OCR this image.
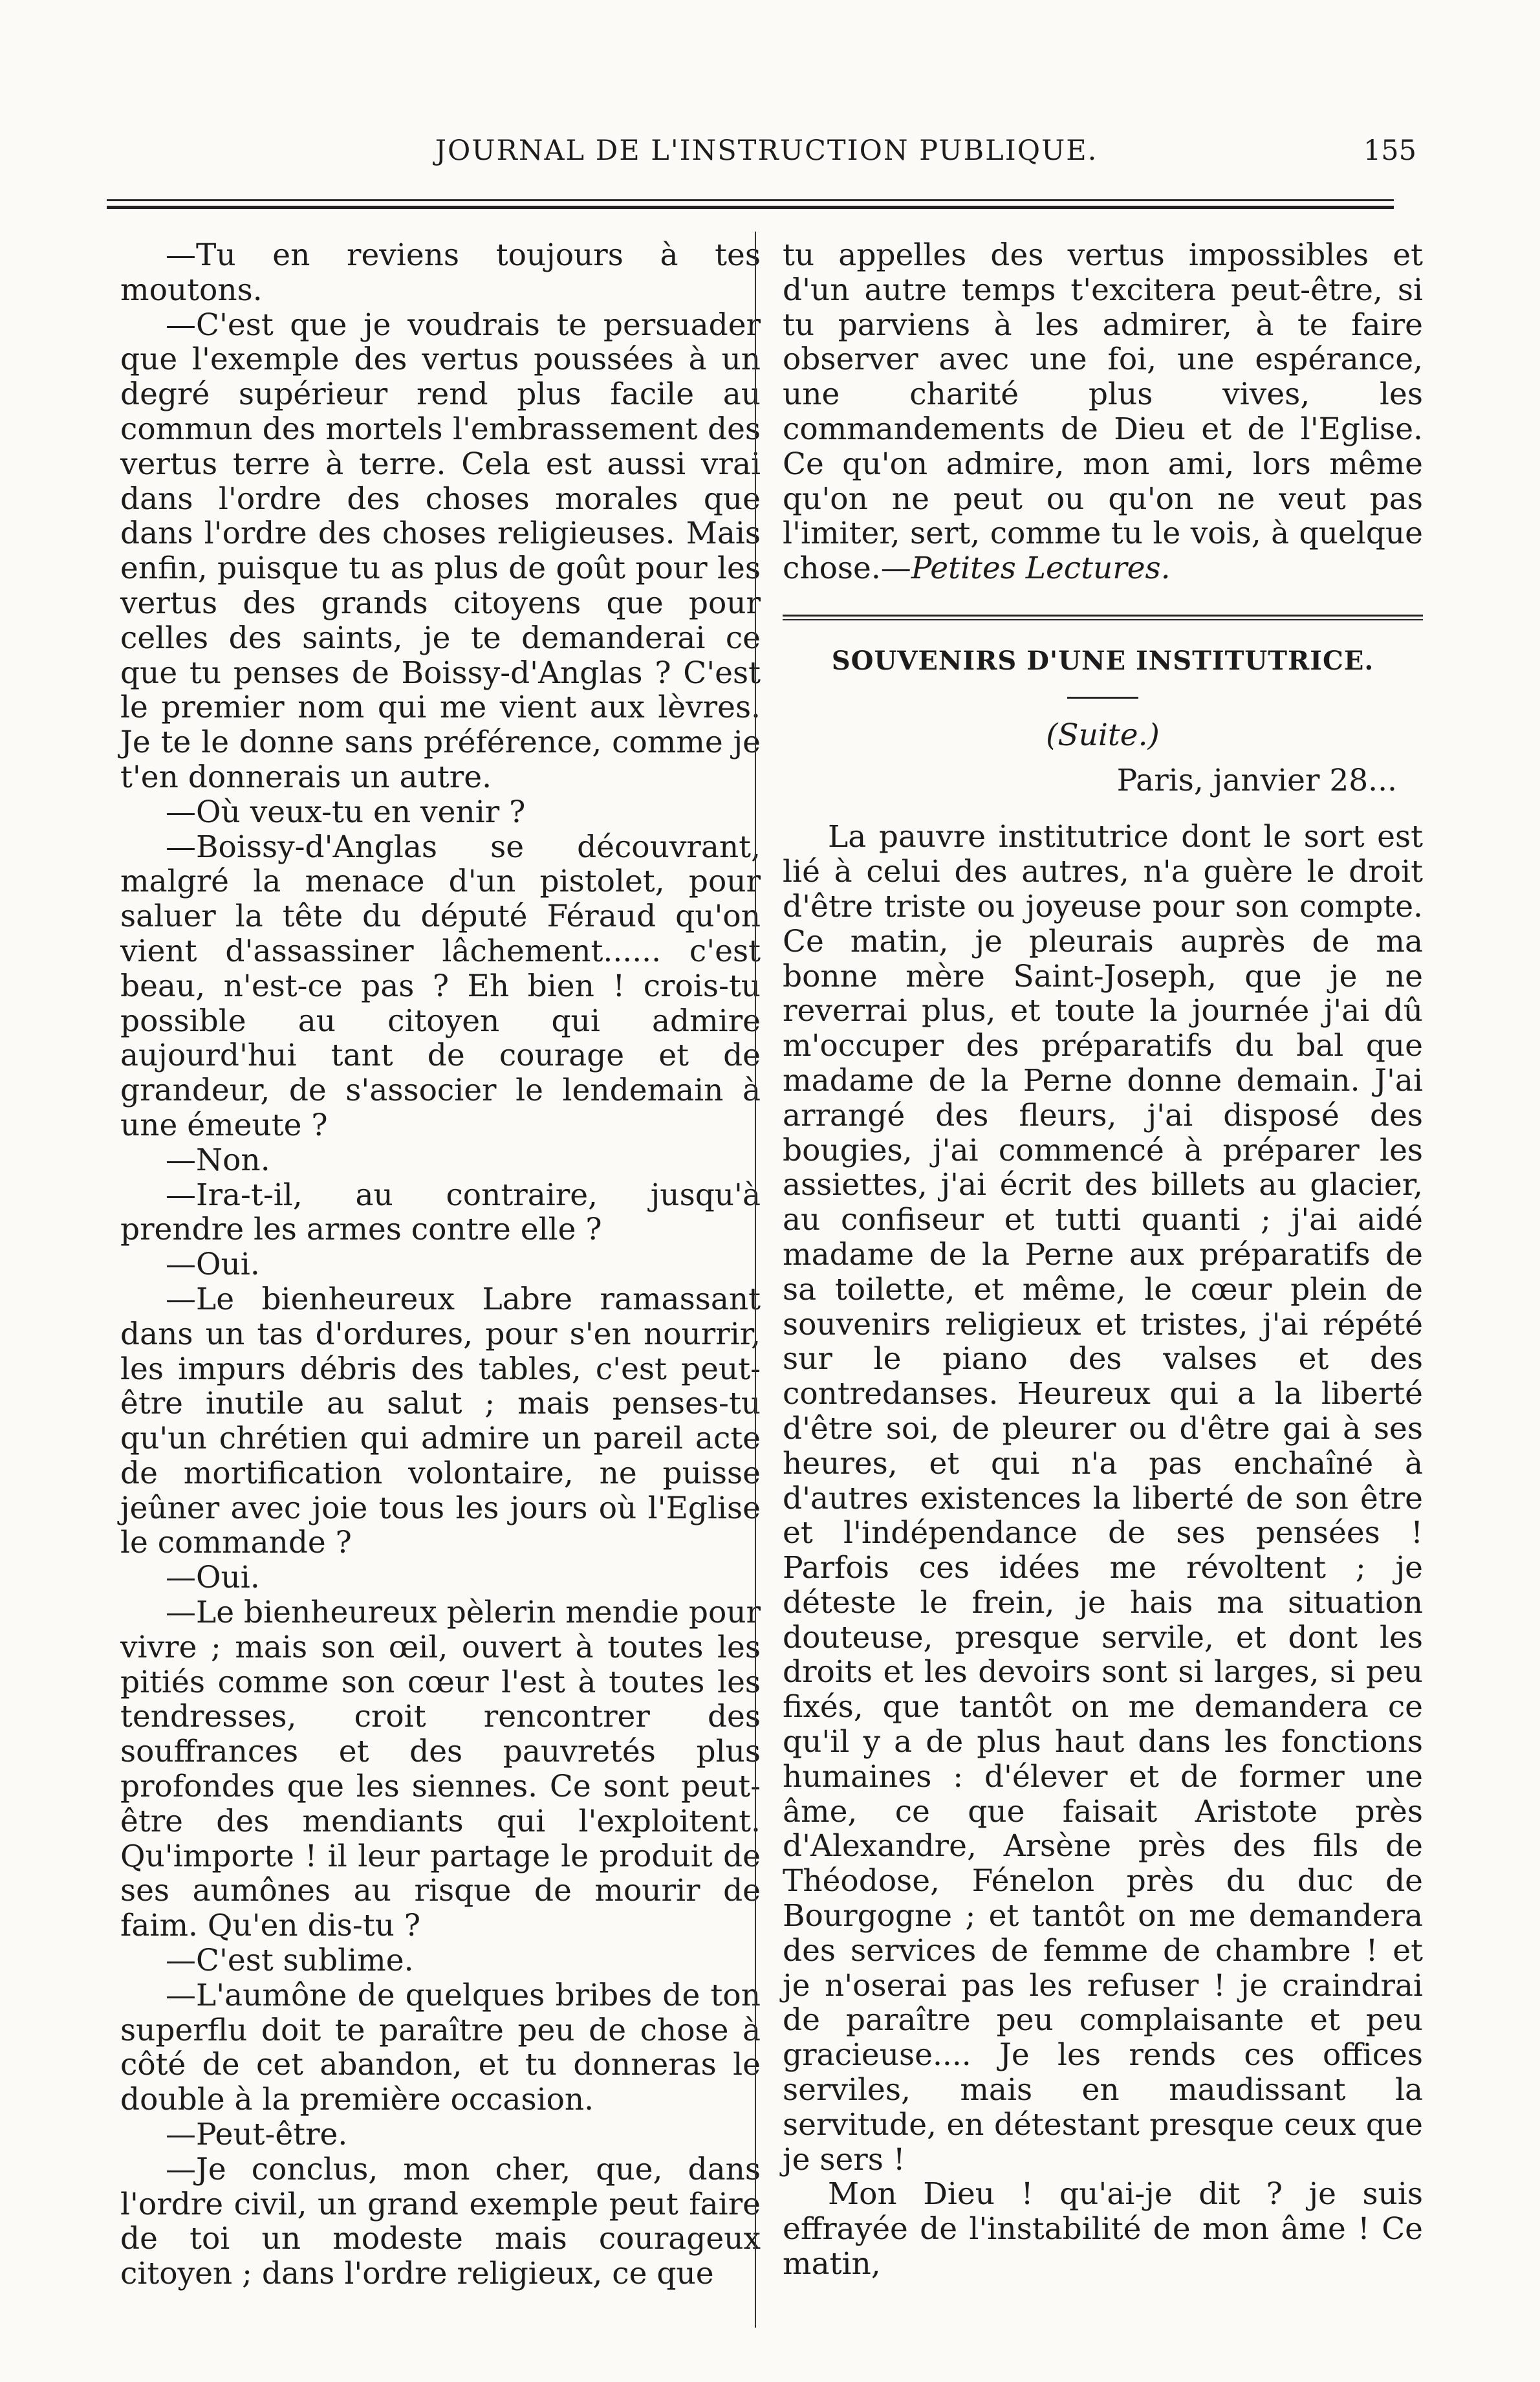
JOURNAL DE L'INSTRUCTION PUBLIQUE.	155

—Tu en reviens toujours à tes moutons.

—C'est que je voudrais te persuader que l'exemple des vertus poussées à un degré supérieur rend plus facile au commun des mortels l'embrassement des vertus terre à terre. Cela est aussi vrai dans l'ordre des choses morales que dans l'ordre des choses religieuses. Mais enfin, puisque tu as plus de goût pour les vertus des grands citoyens que pour celles des saints, je te demanderai ce que tu penses de Boissy-d'Anglas ? C'est le premier nom qui me vient aux lèvres. Je te le donne sans préférence, comme je t'en donnerais un autre.

—Où veux-tu en venir ?

—Boissy-d'Anglas se découvrant, malgré la menace d'un pistolet, pour saluer la tête du député Féraud qu'on vient d'assassiner lâchement...... c'est beau, n'est-ce pas ? Eh bien ! crois-tu possible au citoyen qui admire aujourd'hui tant de courage et de grandeur, de s'associer le lendemain à une émeute ?

—Non.

—Ira-t-il, au contraire, jusqu'à prendre les armes contre elle ?

—Oui.

—Le bienheureux Labre ramassant dans un tas d'ordures, pour s'en nourrir, les impurs débris des tables, c'est peut-être inutile au salut ; mais penses-tu qu'un chrétien qui admire un pareil acte de mortification volontaire, ne puisse jeûner avec joie tous les jours où l'Eglise le commande ?

—Oui.

—Le bienheureux pèlerin mendie pour vivre ; mais son œil, ouvert à toutes les pitiés comme son cœur l'est à toutes les tendresses, croit rencontrer des souffrances et des pauvretés plus profondes que les siennes. Ce sont peut-être des mendiants qui l'exploitent. Qu'importe ! il leur partage le produit de ses aumônes au risque de mourir de faim. Qu'en dis-tu ?

—C'est sublime.

—L'aumône de quelques bribes de ton superflu doit te paraître peu de chose à côté de cet abandon, et tu donneras le double à la première occasion.

—Peut-être.

—Je conclus, mon cher, que, dans l'ordre civil, un grand exemple peut faire de toi un modeste mais courageux citoyen ; dans l'ordre religieux, ce que

tu appelles des vertus impossibles et d'un autre temps t'excitera peut-être, si tu parviens à les admirer, à te faire observer avec une foi, une espérance, une charité plus vives, les commandements de Dieu et de l'Eglise. Ce qu'on admire, mon ami, lors même qu'on ne peut ou qu'on ne veut pas l'imiter, sert, comme tu le vois, à quelque chose.—Petites Lectures.

SOUVENIRS D'UNE INSTITUTRICE.
(Suite.)
Paris, janvier 28...

La pauvre institutrice dont le sort est lié à celui des autres, n'a guère le droit d'être triste ou joyeuse pour son compte. Ce matin, je pleurais auprès de ma bonne mère Saint-Joseph, que je ne reverrai plus, et toute la journée j'ai dû m'occuper des préparatifs du bal que madame de la Perne donne demain. J'ai arrangé des fleurs, j'ai disposé des bougies, j'ai commencé à préparer les assiettes, j'ai écrit des billets au glacier, au confiseur et tutti quanti ; j'ai aidé madame de la Perne aux préparatifs de sa toilette, et même, le cœur plein de souvenirs religieux et tristes, j'ai répété sur le piano des valses et des contredanses. Heureux qui a la liberté d'être soi, de pleurer ou d'être gai à ses heures, et qui n'a pas enchaîné à d'autres existences la liberté de son être et l'indépendance de ses pensées ! Parfois ces idées me révoltent ; je déteste le frein, je hais ma situation douteuse, presque servile, et dont les droits et les devoirs sont si larges, si peu fixés, que tantôt on me demandera ce qu'il y a de plus haut dans les fonctions humaines : d'élever et de former une âme, ce que faisait Aristote près d'Alexandre, Arsène près des fils de Théodose, Fénelon près du duc de Bourgogne ; et tantôt on me demandera des services de femme de chambre ! et je n'oserai pas les refuser ! je craindrai de paraître peu complaisante et peu gracieuse.... Je les rends ces offices serviles, mais en maudissant la servitude, en détestant presque ceux que je sers !

Mon Dieu ! qu'ai-je dit ? je suis effrayée de l'instabilité de mon âme ! Ce matin,
